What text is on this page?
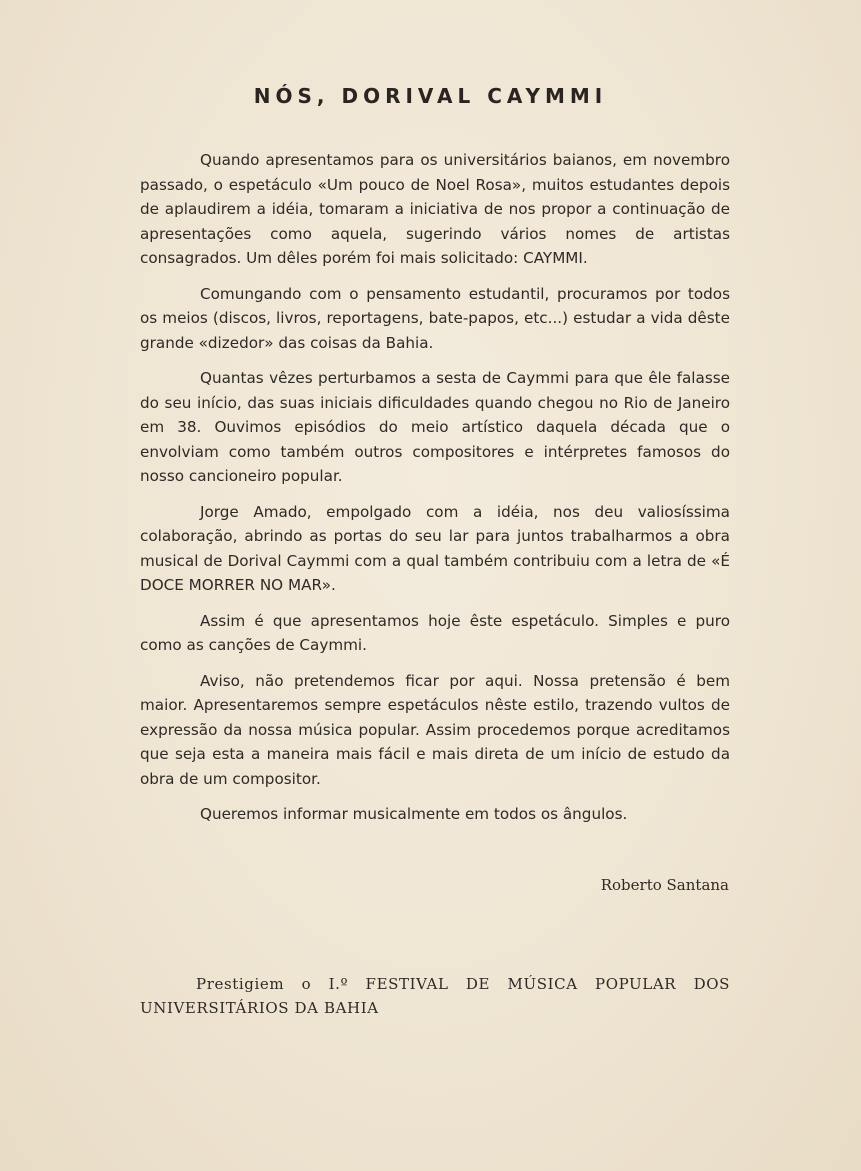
NÓS, DORIVAL CAYMMI

Quando apresentamos para os universitários baianos, em novembro passado, o espetáculo «Um pouco de Noel Rosa», muitos estudantes depois de aplaudirem a idéia, tomaram a iniciativa de nos propor a continuação de apresentações como aquela, sugerindo vários nomes de artistas consagrados. Um dêles porém foi mais solicitado: CAYMMI.

Comungando com o pensamento estudantil, procuramos por todos os meios (discos, livros, reportagens, bate-papos, etc...) estudar a vida dêste grande «dizedor» das coisas da Bahia.

Quantas vêzes perturbamos a sesta de Caymmi para que êle falasse do seu início, das suas iniciais dificuldades quando chegou no Rio de Janeiro em 38. Ouvimos episódios do meio artístico daquela década que o envolviam como também outros compositores e intérpretes famosos do nosso cancioneiro popular.

Jorge Amado, empolgado com a idéia, nos deu valiosíssima colaboração, abrindo as portas do seu lar para juntos trabalharmos a obra musical de Dorival Caymmi com a qual também contribuiu com a letra de «É DOCE MORRER NO MAR».

Assim é que apresentamos hoje êste espetáculo. Simples e puro como as canções de Caymmi.

Aviso, não pretendemos ficar por aqui. Nossa pretensão é bem maior. Apresentaremos sempre espetáculos nêste estilo, trazendo vultos de expressão da nossa música popular. Assim procedemos porque acreditamos que seja esta a maneira mais fácil e mais direta de um início de estudo da obra de um compositor.

Queremos informar musicalmente em todos os ângulos.

Roberto Santana
Prestigiem o I.º FESTIVAL DE MÚSICA POPULAR DOS UNIVERSITÁRIOS DA BAHIA
